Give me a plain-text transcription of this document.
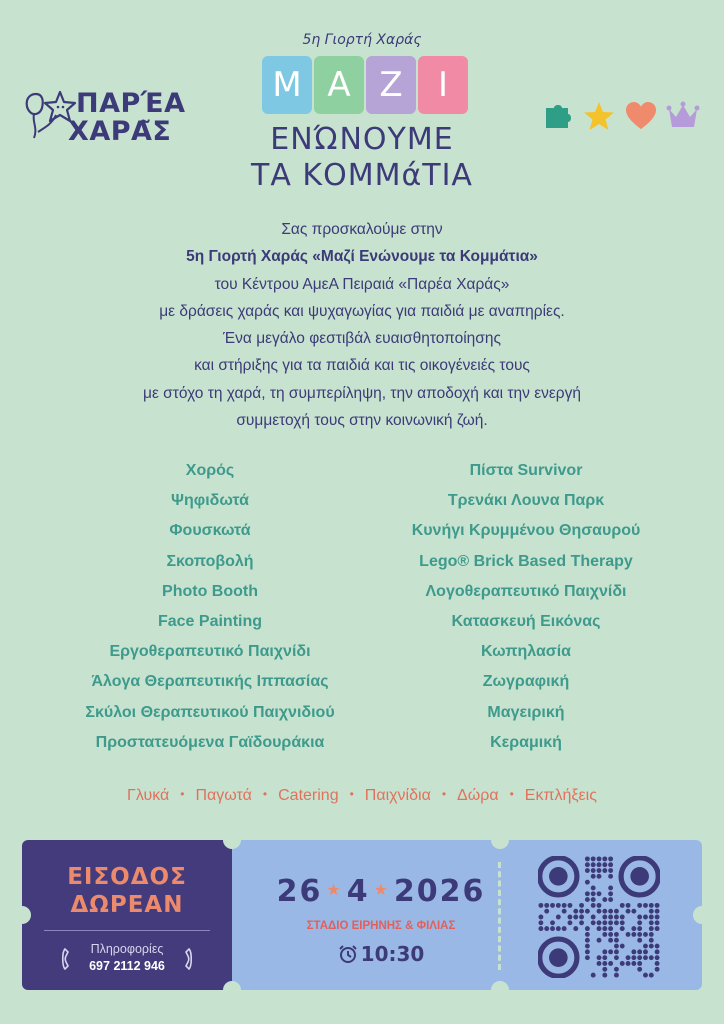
ΠΑΡΈΑ
ΧΑΡΑ͂Σ
5η Γιορτή Χαράς
Μ Α Ζ	Ι
ΕΝΏΝΟΥΜΕ
ΤΑ ΚΟΜΜάΤΙΑ

Σας προσκαλούμε στην

5η Γιορτή Χαράς «Μαζί Ενώνουμε τα Κομμάτια»

του Κέντρου ΑμεΑ Πειραιά «Παρέα Χαράς»

με δράσεις χαράς και ψυχαγωγίας για παιδιά με αναπηρίες.

Ένα μεγάλο φεστιβάλ ευαισθητοποίησης

και στήριξης για τα παιδιά και τις οικογένειές τους

με στόχο τη χαρά, τη συμπερίληψη, την αποδοχή και την ενεργή

συμμετοχή τους στην κοινωνική ζωή.

Χορός
Ψηφιδωτά
Φουσκωτά
Σκοποβολή
Photo Booth
Face Painting
Εργοθεραπευτικό Παιχνίδι
Άλογα Θεραπευτικής Ιππασίας
Σκύλοι Θεραπευτικού Παιχνιδιού
Προστατευόμενα Γαϊδουράκια
Πίστα Survivor
Τρενάκι Λουνα Παρκ
Κυνήγι Κρυμμένου Θησαυρού
Lego® Brick Based Therapy
Λογοθεραπευτικό Παιχνίδι
Κατασκευή Εικόνας
Κωπηλασία
Ζωγραφική
Μαγειρική
Κεραμική
Γλυκά • Παγωτά • Catering • Παιχνίδια • Δώρα • Εκπλήξεις
ΕΙΣΟΔΟΣ
ΔΩΡΕΑΝ
Πληροφορίες
697 2112 946
26 ★ 4 ★ 2026
ΣΤΑΔΙΟ ΕΙΡΗΝΗΣ & ΦΙΛΙΑΣ
10:30
